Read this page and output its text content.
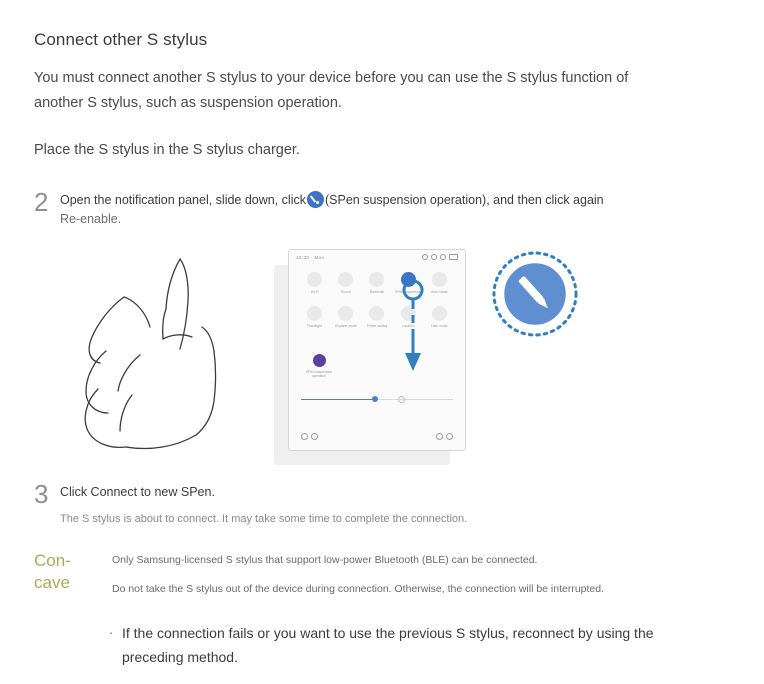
Connect other S stylus

You must connect another S stylus to your device before you can use the S stylus function of another S stylus, such as suspension operation.

Place the S stylus in the S stylus charger.

2 Open the notification panel, slide down, click (SPen suspension operation), and then click again
Re-enable.
10:30 · Mon
Wi-Fi	Sound	Bluetooth	SPen suspension	Auto rotate
Flashlight	Airplane mode	Power saving	Location	Dark mode
SPen suspension operation
3 Click Connect to new SPen.
The S stylus is about to connect. It may take some time to complete the connection.
Con-
cave

Only Samsung-licensed S stylus that support low-power Bluetooth (BLE) can be connected.

Do not take the S stylus out of the device during connection. Otherwise, the connection will be interrupted.

· If the connection fails or you want to use the previous S stylus, reconnect by using the preceding method.
